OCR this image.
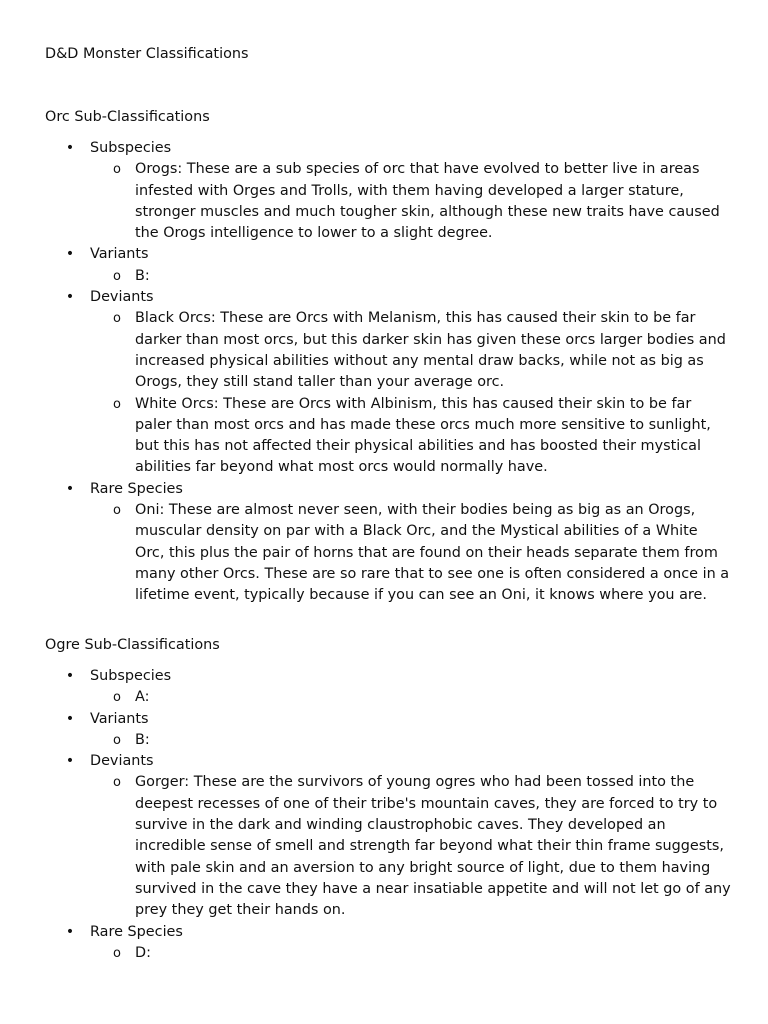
D&D Monster Classifications
Orc Sub-Classifications
• Subspecies
o Orogs: These are a sub species of orc that have evolved to better live in areas infested with Orges and Trolls, with them having developed a larger stature, stronger muscles and much tougher skin, although these new traits have caused the Orogs intelligence to lower to a slight degree.
• Variants
o B:
• Deviants
o Black Orcs: These are Orcs with Melanism, this has caused their skin to be far darker than most orcs, but this darker skin has given these orcs larger bodies and increased physical abilities without any mental draw backs, while not as big as Orogs, they still stand taller than your average orc.
o White Orcs: These are Orcs with Albinism, this has caused their skin to be far paler than most orcs and has made these orcs much more sensitive to sunlight, but this has not affected their physical abilities and has boosted their mystical abilities far beyond what most orcs would normally have.
• Rare Species
o Oni: These are almost never seen, with their bodies being as big as an Orogs, muscular density on par with a Black Orc, and the Mystical abilities of a White Orc, this plus the pair of horns that are found on their heads separate them from many other Orcs. These are so rare that to see one is often considered a once in a lifetime event, typically because if you can see an Oni, it knows where you are.
Ogre Sub-Classifications
• Subspecies
o A:
• Variants
o B:
• Deviants
o Gorger: These are the survivors of young ogres who had been tossed into the deepest recesses of one of their tribe's mountain caves, they are forced to try to survive in the dark and winding claustrophobic caves. They developed an incredible sense of smell and strength far beyond what their thin frame suggests, with pale skin and an aversion to any bright source of light, due to them having survived in the cave they have a near insatiable appetite and will not let go of any prey they get their hands on.
• Rare Species
o D:
